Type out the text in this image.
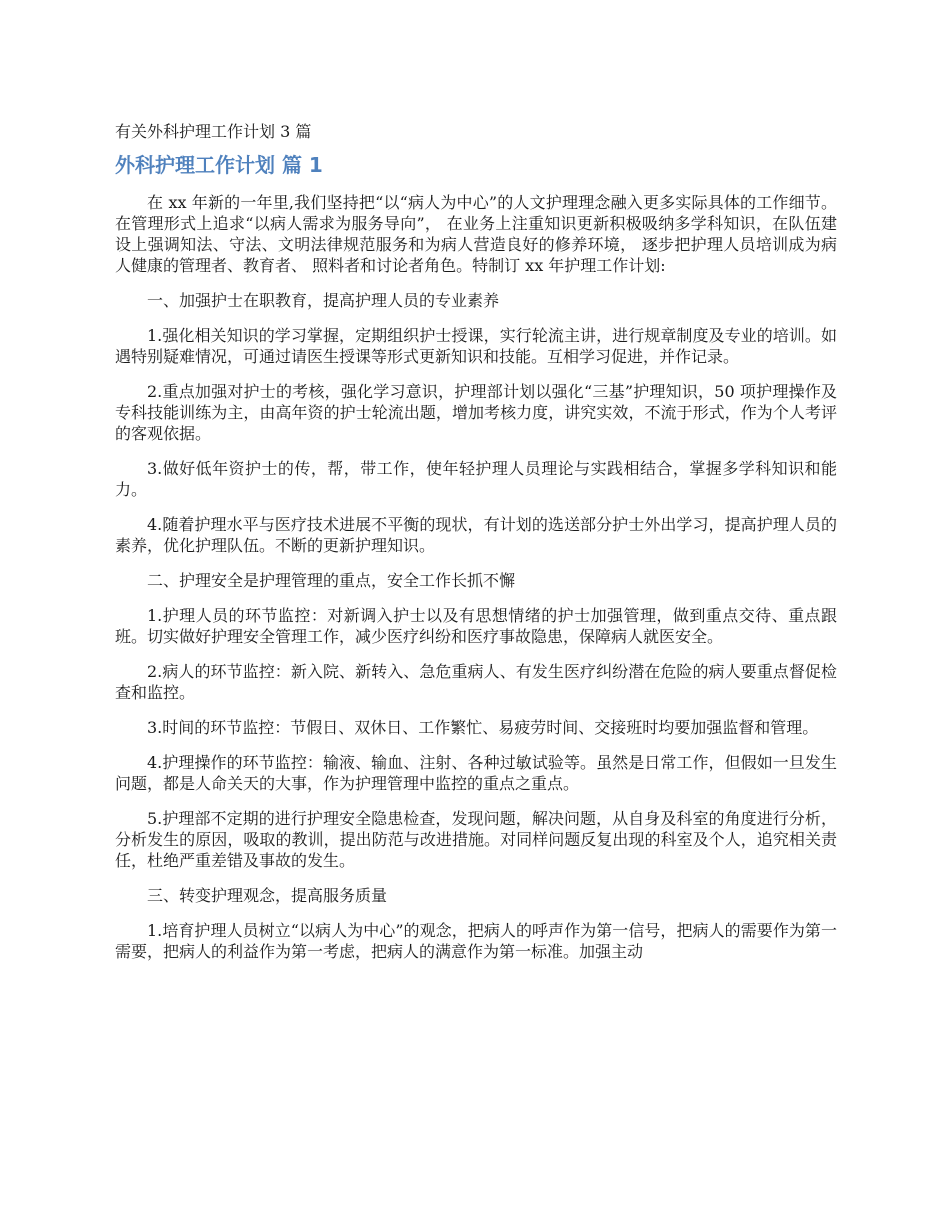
有关外科护理工作计划 3 篇
外科护理工作计划 篇 1

在 xx 年新的一年里,我们坚持把“以“病人为中心”的人文护理理念融入更多实际具体的工作细节。在管理形式上追求“以病人需求为服务导向”， 在业务上注重知识更新积极吸纳多学科知识，在队伍建设上强调知法、守法、文明法律规范服务和为病人营造良好的修养环境， 逐步把护理人员培训成为病人健康的管理者、教育者、 照料者和讨论者角色。特制订 xx 年护理工作计划:

一、加强护士在职教育，提高护理人员的专业素养

1.强化相关知识的学习掌握，定期组织护士授课，实行轮流主讲，进行规章制度及专业的培训。如遇特别疑难情况，可通过请医生授课等形式更新知识和技能。互相学习促进，并作记录。

2.重点加强对护士的考核，强化学习意识，护理部计划以强化“三基”护理知识，50 项护理操作及专科技能训练为主，由高年资的护士轮流出题，增加考核力度，讲究实效，不流于形式，作为个人考评的客观依据。

3.做好低年资护士的传，帮，带工作，使年轻护理人员理论与实践相结合，掌握多学科知识和能力。

4.随着护理水平与医疗技术进展不平衡的现状，有计划的选送部分护士外出学习，提高护理人员的素养，优化护理队伍。不断的更新护理知识。

二、护理安全是护理管理的重点，安全工作长抓不懈

1.护理人员的环节监控：对新调入护士以及有思想情绪的护士加强管理，做到重点交待、重点跟班。切实做好护理安全管理工作，减少医疗纠纷和医疗事故隐患，保障病人就医安全。

2.病人的环节监控：新入院、新转入、急危重病人、有发生医疗纠纷潜在危险的病人要重点督促检查和监控。

3.时间的环节监控：节假日、双休日、工作繁忙、易疲劳时间、交接班时均要加强监督和管理。

4.护理操作的环节监控：输液、输血、注射、各种过敏试验等。虽然是日常工作，但假如一旦发生问题，都是人命关天的大事，作为护理管理中监控的重点之重点。

5.护理部不定期的进行护理安全隐患检查，发现问题，解决问题，从自身及科室的角度进行分析，分析发生的原因，吸取的教训，提出防范与改进措施。对同样问题反复出现的科室及个人，追究相关责任，杜绝严重差错及事故的发生。

三、转变护理观念，提高服务质量

1.培育护理人员树立“以病人为中心”的观念，把病人的呼声作为第一信号，把病人的需要作为第一需要，把病人的利益作为第一考虑，把病人的满意作为第一标准。加强主动
